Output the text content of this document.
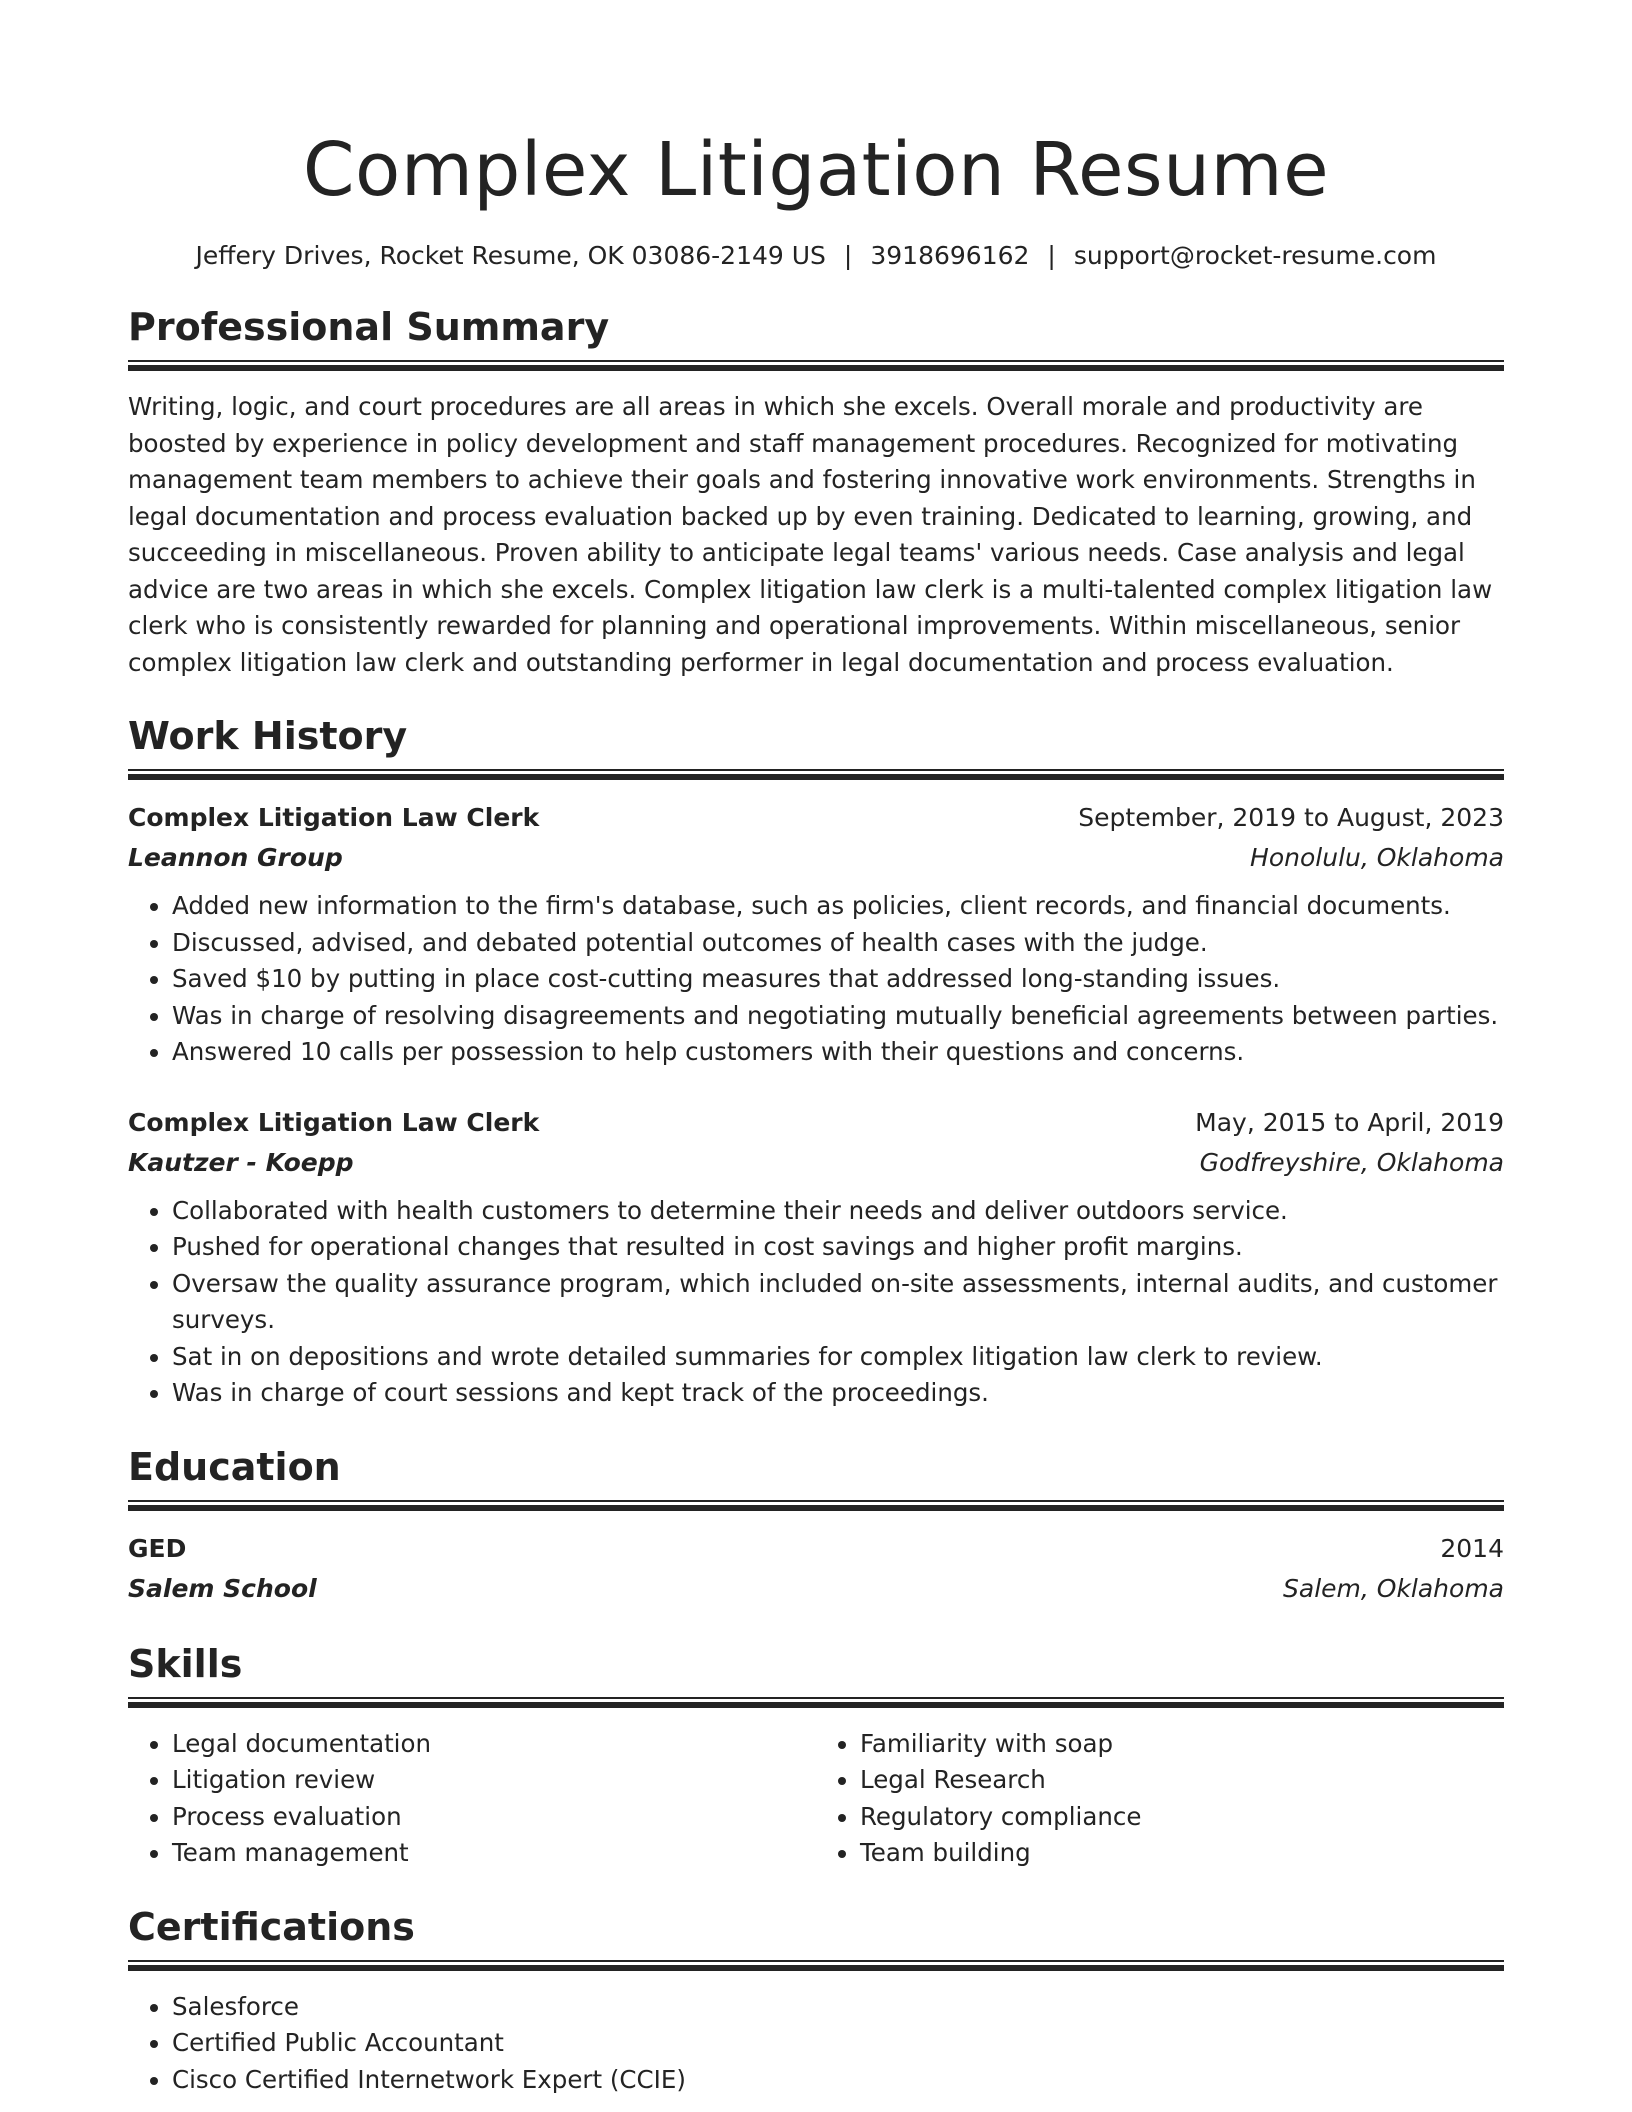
Complex Litigation Resume
Jeffery Drives, Rocket Resume, OK 03086-2149 US | 3918696162 | support@rocket-resume.com
Professional Summary

Writing, logic, and court procedures are all areas in which she excels. Overall morale and productivity are boosted by experience in policy development and staff management procedures. Recognized for motivating management team members to achieve their goals and fostering innovative work environments. Strengths in legal documentation and process evaluation backed up by even training. Dedicated to learning, growing, and succeeding in miscellaneous. Proven ability to anticipate legal teams' various needs. Case analysis and legal advice are two areas in which she excels. Complex litigation law clerk is a multi-talented complex litigation law clerk who is consistently rewarded for planning and operational improvements. Within miscellaneous, senior complex litigation law clerk and outstanding performer in legal documentation and process evaluation.

Work History
Complex Litigation Law Clerk	September, 2019 to August, 2023
Leannon Group	Honolulu, Oklahoma
• Added new information to the firm's database, such as policies, client records, and financial documents.
• Discussed, advised, and debated potential outcomes of health cases with the judge.
• Saved $10 by putting in place cost-cutting measures that addressed long-standing issues.
• Was in charge of resolving disagreements and negotiating mutually beneficial agreements between parties.
• Answered 10 calls per possession to help customers with their questions and concerns.
Complex Litigation Law Clerk	May, 2015 to April, 2019
Kautzer - Koepp	Godfreyshire, Oklahoma
• Collaborated with health customers to determine their needs and deliver outdoors service.
• Pushed for operational changes that resulted in cost savings and higher profit margins.
• Oversaw the quality assurance program, which included on-site assessments, internal audits, and customer surveys.
• Sat in on depositions and wrote detailed summaries for complex litigation law clerk to review.
• Was in charge of court sessions and kept track of the proceedings.
Education
GED	2014
Salem School	Salem, Oklahoma
Skills
• Legal documentation
• Litigation review
• Process evaluation
• Team management
• Familiarity with soap
• Legal Research
• Regulatory compliance
• Team building
Certifications
• Salesforce
• Certified Public Accountant
• Cisco Certified Internetwork Expert (CCIE)
